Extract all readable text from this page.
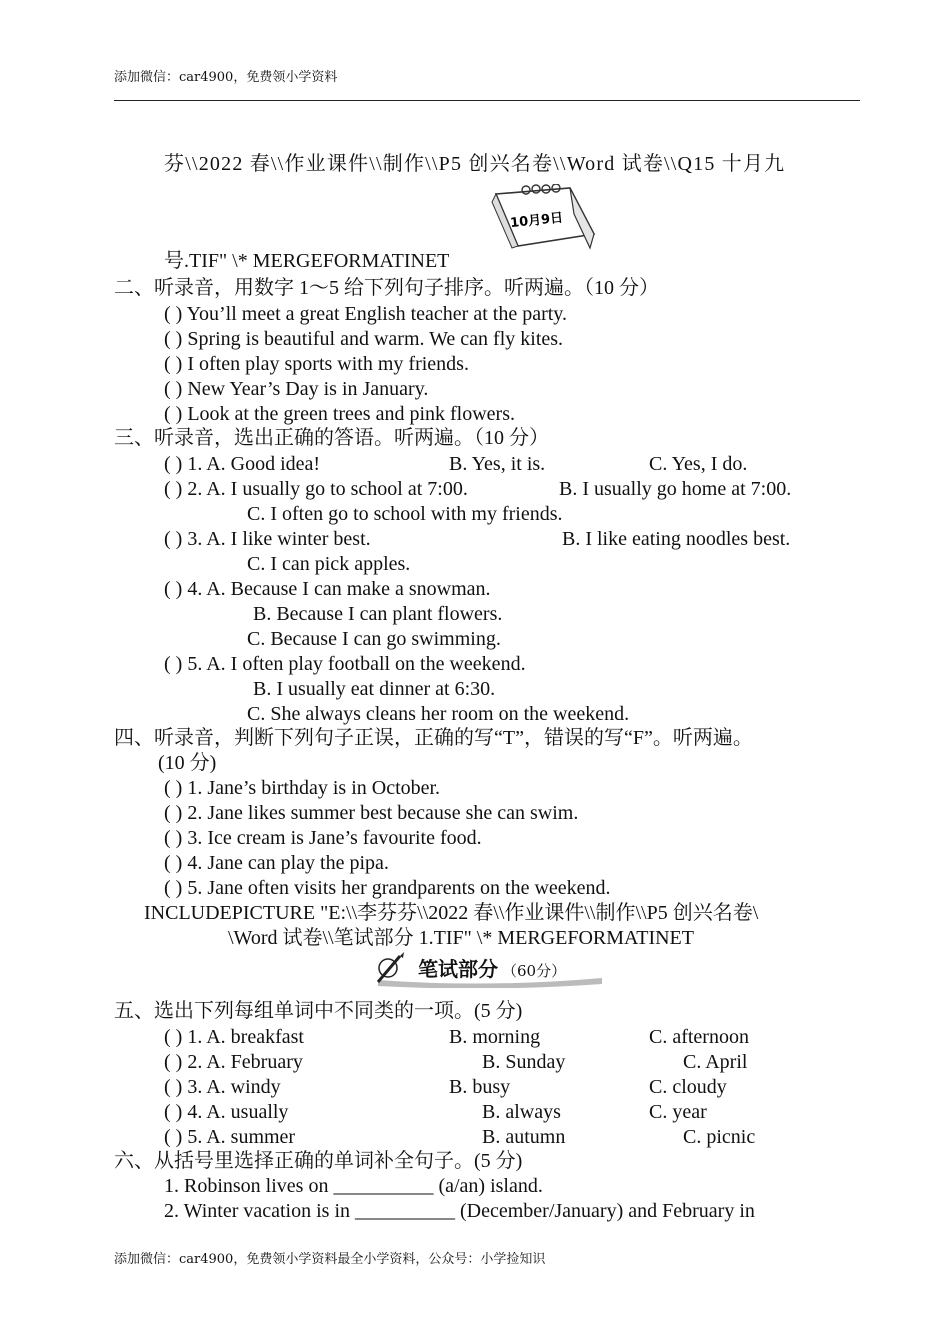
添加微信：car4900，免费领小学资料
芬\\2022 春\\作业课件\\制作\\P5 创兴名卷\\Word 试卷\\Q15 十月九
10月9日
号.TIF" \* MERGEFORMATINET
二、听录音，用数字 1～5 给下列句子排序。听两遍。（10 分）
( ) You’ll meet a great English teacher at the party.
( ) Spring is beautiful and warm. We can fly kites.
( ) I often play sports with my friends.
( ) New Year’s Day is in January.
( ) Look at the green trees and pink flowers.
三、听录音，选出正确的答语。听两遍。（10 分）
( ) 1. A. Good idea!	B. Yes, it is.	C. Yes, I do.
( ) 2. A. I usually go to school at 7:00.	B. I usually go home at 7:00.
C. I often go to school with my friends.
( ) 3. A. I like winter best.	B. I like eating noodles best.
C. I can pick apples.
( ) 4. A. Because I can make a snowman.
B. Because I can plant flowers.
C. Because I can go swimming.
( ) 5. A. I often play football on the weekend.
B. I usually eat dinner at 6:30.
C. She always cleans her room on the weekend.
四、听录音，判断下列句子正误，正确的写“T”，错误的写“F”。听两遍。
(10 分)
( ) 1. Jane’s birthday is in October.
( ) 2. Jane likes summer best because she can swim.
( ) 3. Ice cream is Jane’s favourite food.
( ) 4. Jane can play the pipa.
( ) 5. Jane often visits her grandparents on the weekend.
INCLUDEPICTURE "E:\\李芬芬\\2022 春\\作业课件\\制作\\P5 创兴名卷\
\Word 试卷\\笔试部分 1.TIF" \* MERGEFORMATINET
笔试部分 （60分）
五、选出下列每组单词中不同类的一项。(5 分)
( ) 1. A. breakfast	B. morning	C. afternoon
( ) 2. A. February	B. Sunday	C. April
( ) 3. A. windy	B. busy	C. cloudy
( ) 4. A. usually	B. always	C. year
( ) 5. A. summer	B. autumn	C. picnic
六、从括号里选择正确的单词补全句子。(5 分)
1. Robinson lives on __________ (a/an) island.
2. Winter vacation is in __________ (December/January) and February in
添加微信：car4900，免费领小学资料最全小学资料，公众号：小学捡知识
